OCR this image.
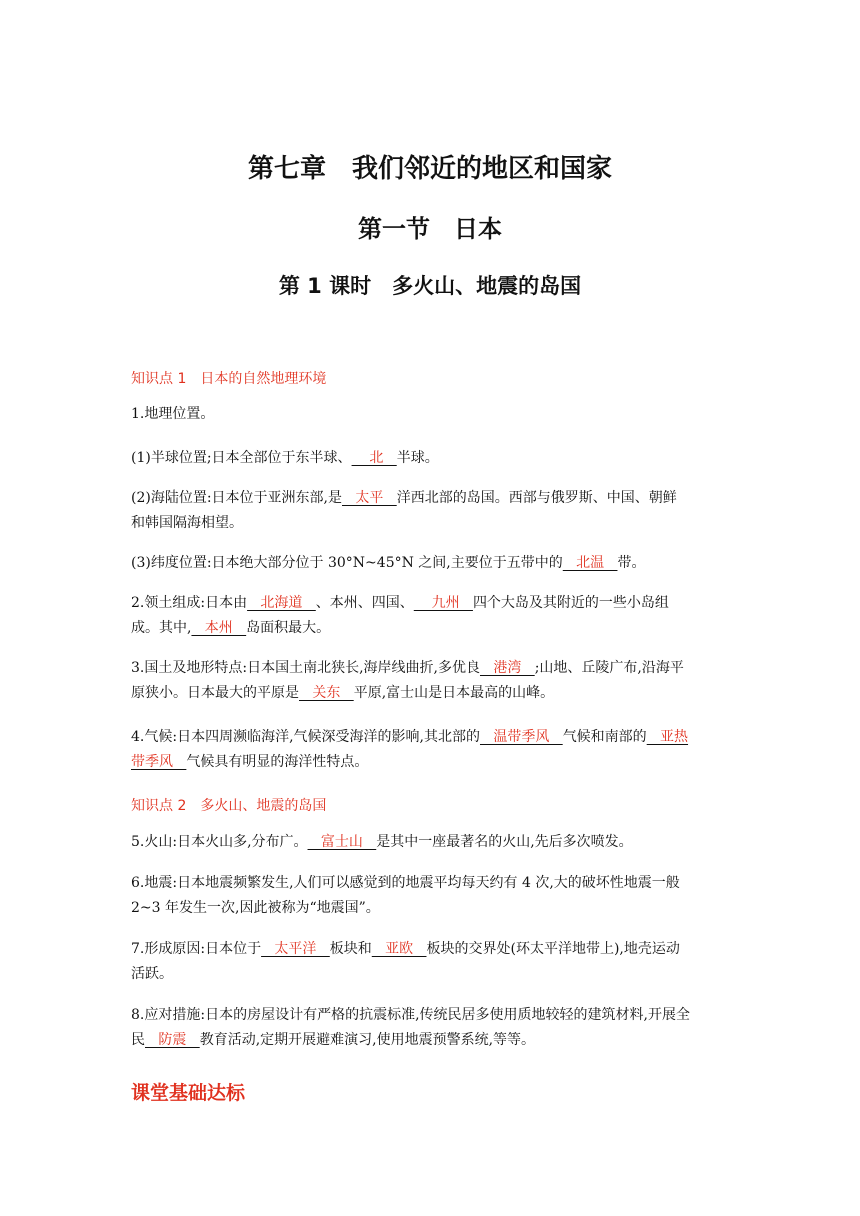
第七章　我们邻近的地区和国家
第一节　日本
第 1 课时　多火山、地震的岛国

知识点 1　日本的自然地理环境

1.地理位置。

(1)半球位置;日本全部位于东半球、    北   半球。

(2)海陆位置:日本位于亚洲东部,是   太平   洋西北部的岛国。西部与俄罗斯、中国、朝鲜
和韩国隔海相望。

(3)纬度位置:日本绝大部分位于 30°N~45°N 之间,主要位于五带中的   北温   带。

2.领土组成:日本由   北海道   、本州、四国、    九州   四个大岛及其附近的一些小岛组
成。其中,   本州   岛面积最大。

3.国土及地形特点:日本国土南北狭长,海岸线曲折,多优良   港湾   ;山地、丘陵广布,沿海平
原狭小。日本最大的平原是   关东   平原,富士山是日本最高的山峰。

4.气候:日本四周濒临海洋,气候深受海洋的影响,其北部的   温带季风   气候和南部的   亚热
带季风   气候具有明显的海洋性特点。

知识点 2　多火山、地震的岛国

5.火山:日本火山多,分布广。   富士山   是其中一座最著名的火山,先后多次喷发。

6.地震:日本地震频繁发生,人们可以感觉到的地震平均每天约有 4 次,大的破坏性地震一般
2~3 年发生一次,因此被称为“地震国”。

7.形成原因:日本位于   太平洋   板块和   亚欧   板块的交界处(环太平洋地带上),地壳运动
活跃。

8.应对措施:日本的房屋设计有严格的抗震标准,传统民居多使用质地较轻的建筑材料,开展全
民   防震   教育活动,定期开展避难演习,使用地震预警系统,等等。

课堂基础达标
